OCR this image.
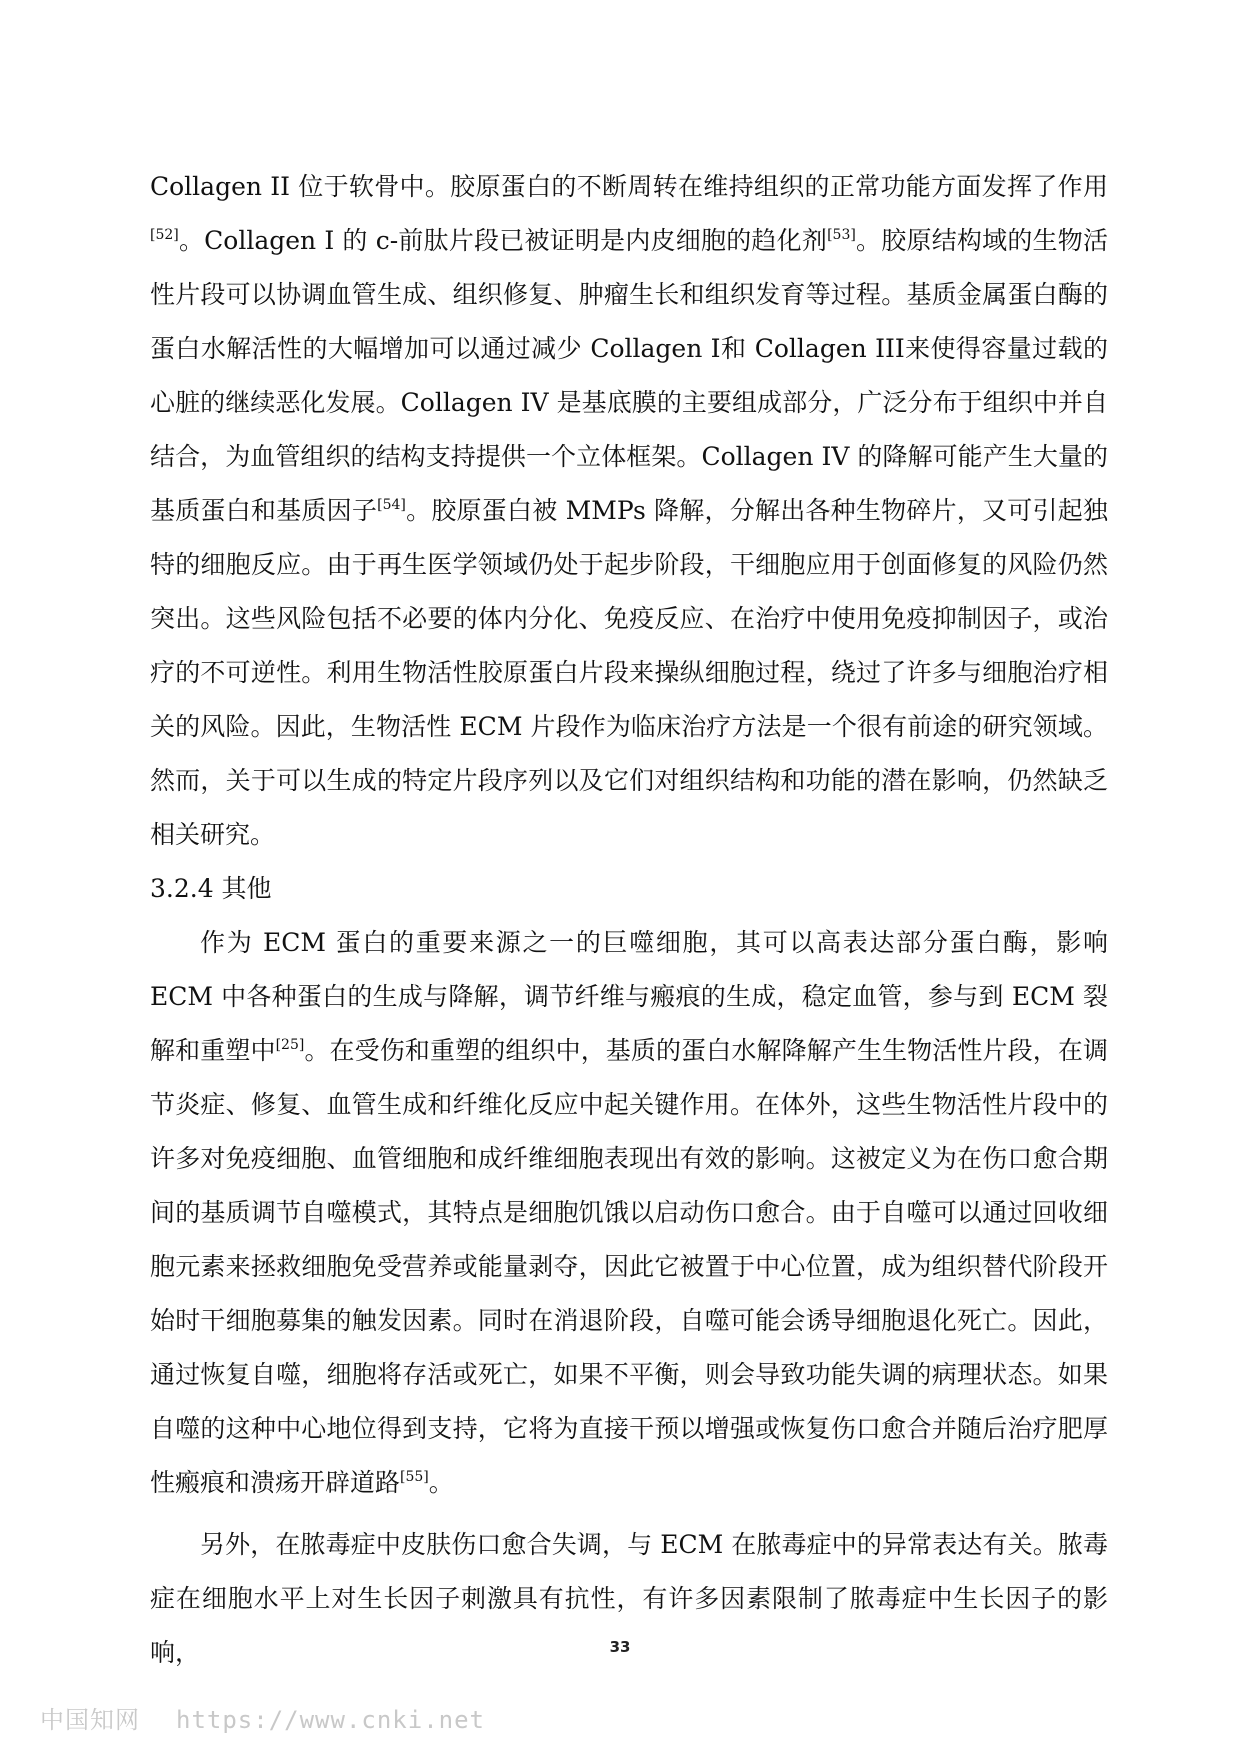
Collagen II 位于软骨中。胶原蛋白的不断周转在维持组织的正常功能方面发挥了作用[52]。Collagen I 的 c-前肽片段已被证明是内皮细胞的趋化剂[53]。胶原结构域的生物活性片段可以协调血管生成、组织修复、肿瘤生长和组织发育等过程。基质金属蛋白酶的蛋白水解活性的大幅增加可以通过减少 Collagen I和 Collagen III来使得容量过载的心脏的继续恶化发展。Collagen IV 是基底膜的主要组成部分，广泛分布于组织中并自结合，为血管组织的结构支持提供一个立体框架。Collagen IV 的降解可能产生大量的基质蛋白和基质因子[54]。胶原蛋白被 MMPs 降解，分解出各种生物碎片，又可引起独特的细胞反应。由于再生医学领域仍处于起步阶段，干细胞应用于创面修复的风险仍然突出。这些风险包括不必要的体内分化、免疫反应、在治疗中使用免疫抑制因子，或治疗的不可逆性。利用生物活性胶原蛋白片段来操纵细胞过程，绕过了许多与细胞治疗相关的风险。因此，生物活性 ECM 片段作为临床治疗方法是一个很有前途的研究领域。然而，关于可以生成的特定片段序列以及它们对组织结构和功能的潜在影响，仍然缺乏相关研究。

3.2.4 其他

作为 ECM 蛋白的重要来源之一的巨噬细胞，其可以高表达部分蛋白酶，影响 ECM 中各种蛋白的生成与降解，调节纤维与瘢痕的生成，稳定血管，参与到 ECM 裂解和重塑中[25]。在受伤和重塑的组织中，基质的蛋白水解降解产生生物活性片段，在调节炎症、修复、血管生成和纤维化反应中起关键作用。在体外，这些生物活性片段中的许多对免疫细胞、血管细胞和成纤维细胞表现出有效的影响。这被定义为在伤口愈合期间的基质调节自噬模式，其特点是细胞饥饿以启动伤口愈合。由于自噬可以通过回收细胞元素来拯救细胞免受营养或能量剥夺，因此它被置于中心位置，成为组织替代阶段开始时干细胞募集的触发因素。同时在消退阶段，自噬可能会诱导细胞退化死亡。因此，通过恢复自噬，细胞将存活或死亡，如果不平衡，则会导致功能失调的病理状态。如果自噬的这种中心地位得到支持，它将为直接干预以增强或恢复伤口愈合并随后治疗肥厚性瘢痕和溃疡开辟道路[55]。

另外，在脓毒症中皮肤伤口愈合失调，与 ECM 在脓毒症中的异常表达有关。脓毒症在细胞水平上对生长因子刺激具有抗性，有许多因素限制了脓毒症中生长因子的影响，	33
中国知网 https://www.cnki.net
